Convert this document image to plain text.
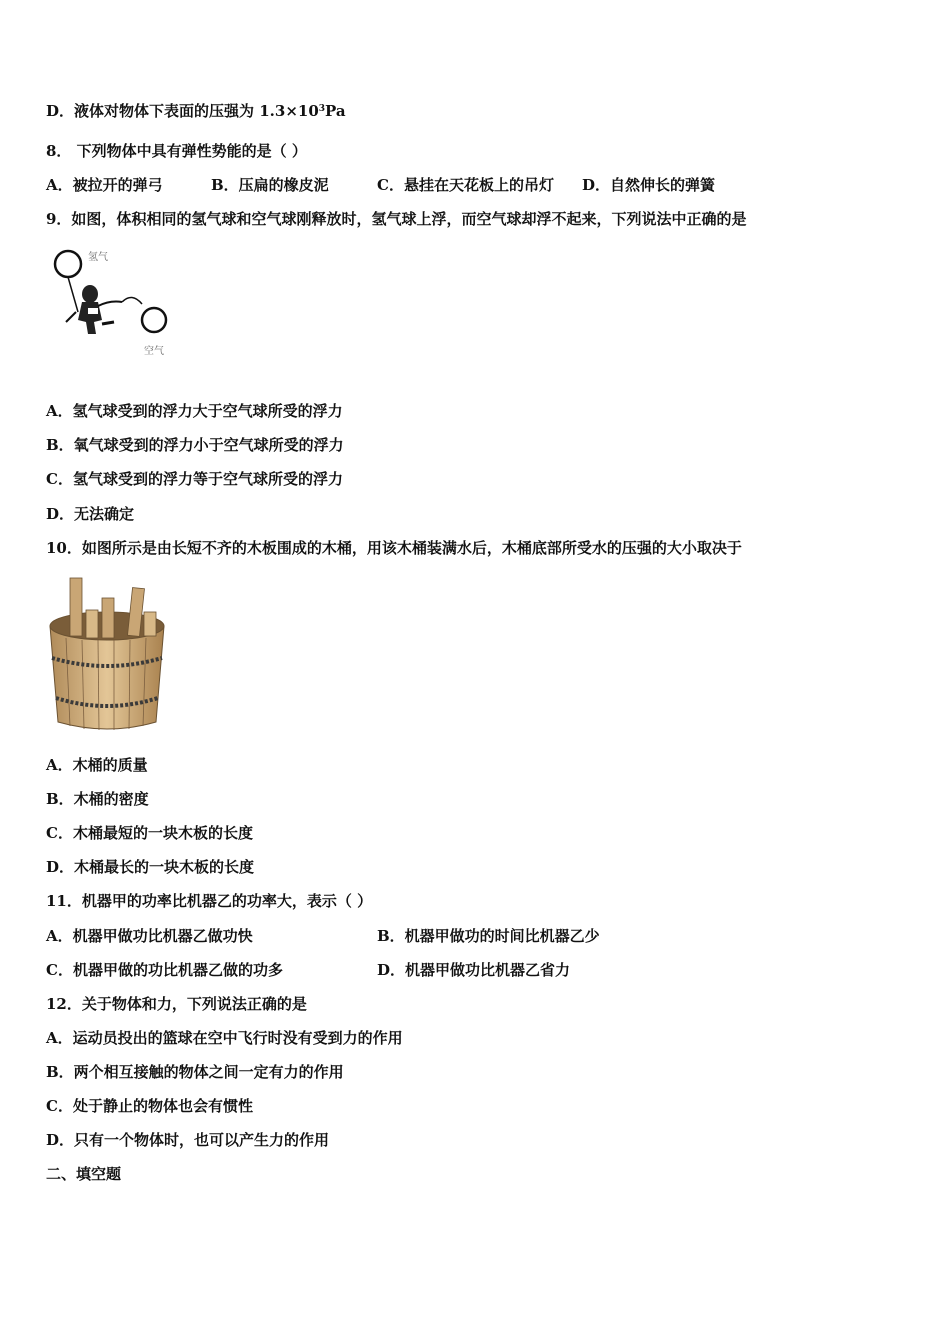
D．液体对物体下表面的压强为 $1.3\times 10^3Pa$
8． 下列物体中具有弹性势能的是（ ）
A．被拉开的弹弓	B．压扁的橡皮泥	C．悬挂在天花板上的吊灯 D．自然伸长的弹簧
9．如图，体积相同的氢气球和空气球刚释放时，氢气球上浮，而空气球却浮不起来，下列说法中正确的是
氢气
空气
A．氢气球受到的浮力大于空气球所受的浮力
B．氧气球受到的浮力小于空气球所受的浮力
C．氢气球受到的浮力等于空气球所受的浮力
D．无法确定
10．如图所示是由长短不齐的木板围成的木桶，用该木桶装满水后，木桶底部所受水的压强的大小取决于
A．木桶的质量
B．木桶的密度
C．木桶最短的一块木板的长度
D．木桶最长的一块木板的长度
11．机器甲的功率比机器乙的功率大，表示（ ）
A．机器甲做功比机器乙做功快	B．机器甲做功的时间比机器乙少
C．机器甲做的功比机器乙做的功多	D．机器甲做功比机器乙省力
12．关于物体和力，下列说法正确的是
A．运动员投出的篮球在空中飞行时没有受到力的作用
B．两个相互接触的物体之间一定有力的作用
C．处于静止的物体也会有惯性
D．只有一个物体时，也可以产生力的作用
二、填空题
